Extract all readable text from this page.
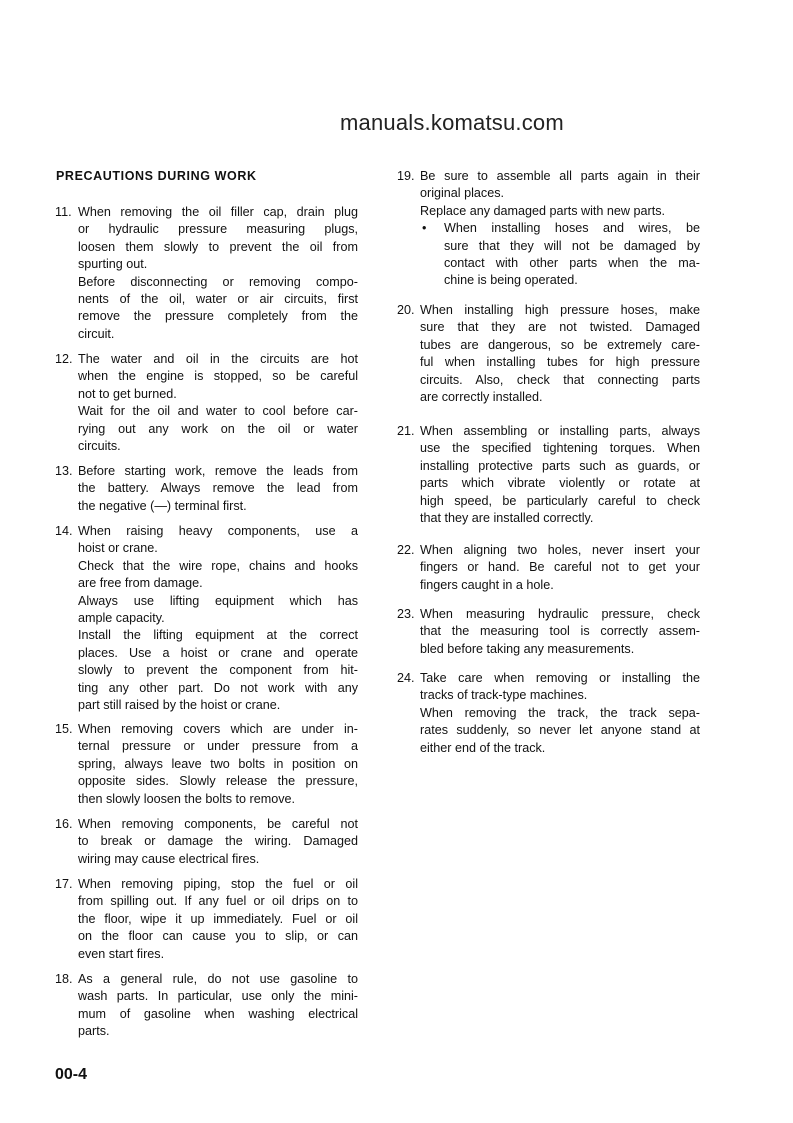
PRECAUTIONS DURING WORK
11. When removing the oil filler cap, drain plug
or hydraulic pressure measuring plugs,
loosen them slowly to prevent the oil from
spurting out.
Before disconnecting or removing compo-
nents of the oil, water or air circuits, first
remove the pressure completely from the
circuit.
12. The water and oil in the circuits are hot
when the engine is stopped, so be careful
not to get burned.
Wait for the oil and water to cool before car-
rying out any work on the oil or water
circuits.
13. Before starting work, remove the leads from
the battery. Always remove the lead from
the negative (—) terminal first.
14. When raising heavy components, use a
hoist or crane.
Check that the wire rope, chains and hooks
are free from damage.
Always use lifting equipment which has
ample capacity.
Install the lifting equipment at the correct
places. Use a hoist or crane and operate
slowly to prevent the component from hit-
ting any other part. Do not work with any
part still raised by the hoist or crane.
15. When removing covers which are under in-
ternal pressure or under pressure from a
spring, always leave two bolts in position on
opposite sides. Slowly release the pressure,
then slowly loosen the bolts to remove.
16. When removing components, be careful not
to break or damage the wiring. Damaged
wiring may cause electrical fires.
17. When removing piping, stop the fuel or oil
from spilling out. If any fuel or oil drips on to
the floor, wipe it up immediately. Fuel or oil
on the floor can cause you to slip, or can
even start fires.
18. As a general rule, do not use gasoline to
wash parts. In particular, use only the mini-
mum of gasoline when washing electrical
parts.
19. Be sure to assemble all parts again in their
original places.
Replace any damaged parts with new parts.
• When installing hoses and wires, be
sure that they will not be damaged by
contact with other parts when the ma-
chine is being operated.
20. When installing high pressure hoses, make
sure that they are not twisted. Damaged
tubes are dangerous, so be extremely care-
ful when installing tubes for high pressure
circuits. Also, check that connecting parts
are correctly installed.
21. When assembling or installing parts, always
use the specified tightening torques. When
installing protective parts such as guards, or
parts which vibrate violently or rotate at
high speed, be particularly careful to check
that they are installed correctly.
22. When aligning two holes, never insert your
fingers or hand. Be careful not to get your
fingers caught in a hole.
23. When measuring hydraulic pressure, check
that the measuring tool is correctly assem-
bled before taking any measurements.
24. Take care when removing or installing the
tracks of track-type machines.
When removing the track, the track sepa-
rates suddenly, so never let anyone stand at
either end of the track.
manuals.komatsu.com
00-4
